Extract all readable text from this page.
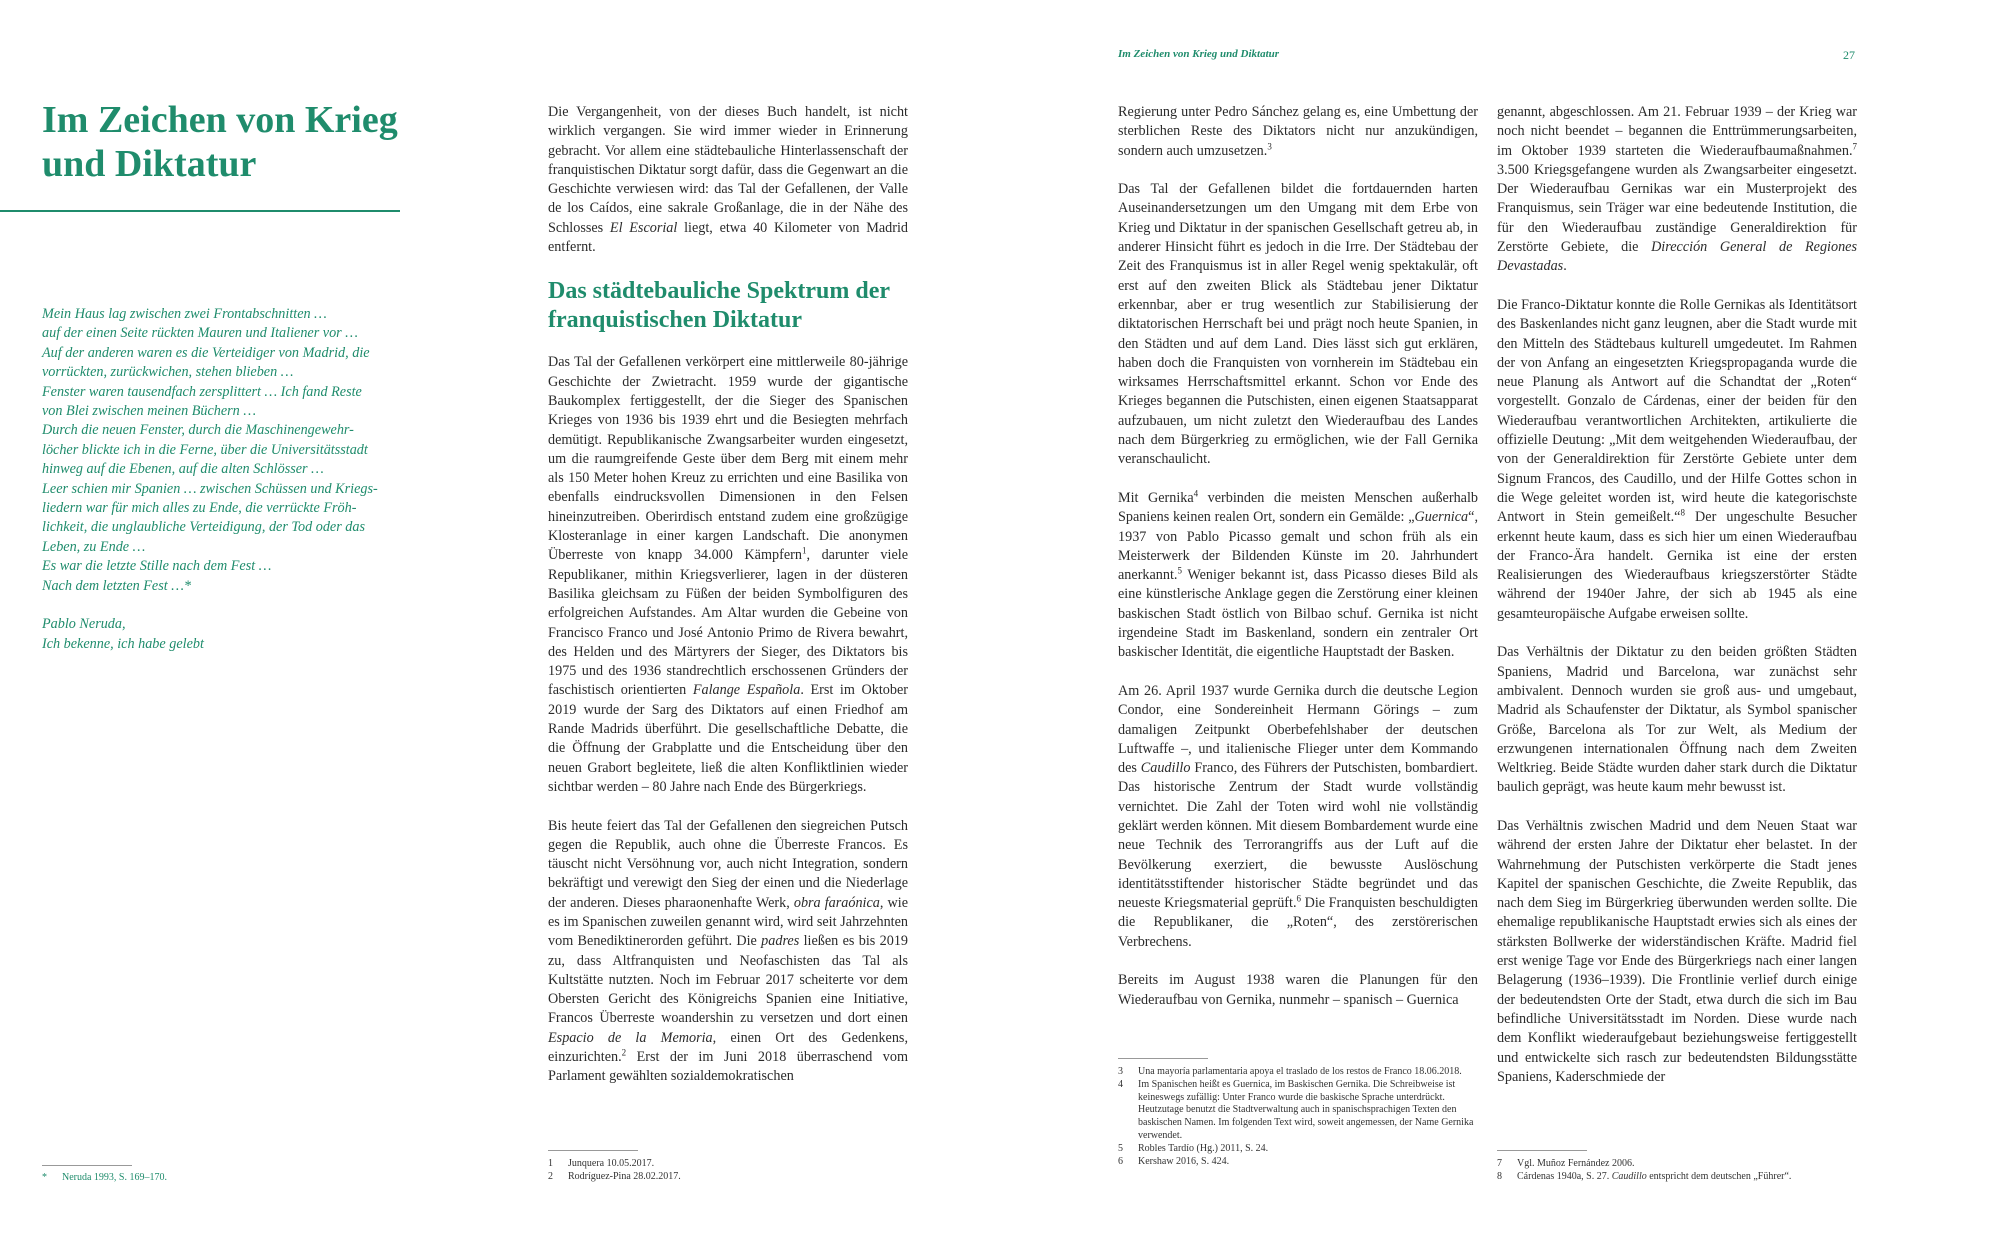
Im Zeichen von Krieg und Diktatur	27
Im Zeichen von Krieg und Diktatur
Mein Haus lag zwischen zwei Frontabschnitten …
auf der einen Seite rückten Mauren und Italiener vor …
Auf der anderen waren es die Verteidiger von Madrid, die
vorrückten, zurückwichen, stehen blieben …
Fenster waren tausendfach zersplittert … Ich fand Reste
von Blei zwischen meinen Büchern …
Durch die neuen Fenster, durch die Maschinengewehr-
löcher blickte ich in die Ferne, über die Universitätsstadt
hinweg auf die Ebenen, auf die alten Schlösser …
Leer schien mir Spanien … zwischen Schüssen und Kriegs-
liedern war für mich alles zu Ende, die verrückte Fröh-
lichkeit, die unglaubliche Verteidigung, der Tod oder das
Leben, zu Ende …
Es war die letzte Stille nach dem Fest …
Nach dem letzten Fest …*
Pablo Neruda,
Ich bekenne, ich habe gelebt

Die Vergangenheit, von der dieses Buch handelt, ist nicht wirklich vergangen. Sie wird immer wieder in Erinnerung gebracht. Vor allem eine städtebauliche Hinterlassenschaft der franquistischen Diktatur sorgt dafür, dass die Gegenwart an die Geschichte verwiesen wird: das Tal der Gefallenen, der Valle de los Caídos, eine sakrale Großanlage, die in der Nähe des Schlosses El Escorial liegt, etwa 40 Kilometer von Madrid entfernt.

Das städtebauliche Spektrum der franquistischen Diktatur

Das Tal der Gefallenen verkörpert eine mittlerweile 80-jährige Geschichte der Zwietracht. 1959 wurde der gigantische Baukomplex fertiggestellt, der die Sieger des Spanischen Krieges von 1936 bis 1939 ehrt und die Besiegten mehrfach demütigt. Republikanische Zwangsarbeiter wurden eingesetzt, um die raumgreifende Geste über dem Berg mit einem mehr als 150 Meter hohen Kreuz zu errichten und eine Basilika von ebenfalls eindrucksvollen Dimensionen in den Felsen hineinzutreiben. Oberirdisch entstand zudem eine großzügige Klosteranlage in einer kargen Landschaft. Die anonymen Überreste von knapp 34.000 Kämpfern$^1$, darunter viele Republikaner, mithin Kriegsverlierer, lagen in der düsteren Basilika gleichsam zu Füßen der beiden Symbolfiguren des erfolgreichen Aufstandes. Am Altar wurden die Gebeine von Francisco Franco und José Antonio Primo de Rivera bewahrt, des Helden und des Märtyrers der Sieger, des Diktators bis 1975 und des 1936 standrechtlich erschossenen Gründers der faschistisch orientierten Falange Española. Erst im Oktober 2019 wurde der Sarg des Diktators auf einen Friedhof am Rande Madrids überführt. Die gesellschaftliche Debatte, die die Öffnung der Grabplatte und die Entscheidung über den neuen Grabort begleitete, ließ die alten Konfliktlinien wieder sichtbar werden – 80 Jahre nach Ende des Bürgerkriegs.

Bis heute feiert das Tal der Gefallenen den siegreichen Putsch gegen die Republik, auch ohne die Überreste Francos. Es täuscht nicht Versöhnung vor, auch nicht Integration, sondern bekräftigt und verewigt den Sieg der einen und die Niederlage der anderen. Dieses pharaonenhafte Werk, obra faraónica, wie es im Spanischen zuweilen genannt wird, wird seit Jahrzehnten vom Benediktinerorden geführt. Die padres ließen es bis 2019 zu, dass Altfranquisten und Neofaschisten das Tal als Kultstätte nutzten. Noch im Februar 2017 scheiterte vor dem Obersten Gericht des Königreichs Spanien eine Initiative, Francos Überreste woandershin zu versetzen und dort einen Espacio de la Memoria, einen Ort des Gedenkens, einzurichten.$^2$ Erst der im Juni 2018 überraschend vom Parlament gewählten sozialdemokratischen

Regierung unter Pedro Sánchez gelang es, eine Umbettung der sterblichen Reste des Diktators nicht nur anzukündigen, sondern auch umzusetzen.$^3$

Das Tal der Gefallenen bildet die fortdauernden harten Auseinandersetzungen um den Umgang mit dem Erbe von Krieg und Diktatur in der spanischen Gesellschaft getreu ab, in anderer Hinsicht führt es jedoch in die Irre. Der Städtebau der Zeit des Franquismus ist in aller Regel wenig spektakulär, oft erst auf den zweiten Blick als Städtebau jener Diktatur erkennbar, aber er trug wesentlich zur Stabilisierung der diktatorischen Herrschaft bei und prägt noch heute Spanien, in den Städten und auf dem Land. Dies lässt sich gut erklären, haben doch die Franquisten von vornherein im Städtebau ein wirksames Herrschaftsmittel erkannt. Schon vor Ende des Krieges begannen die Putschisten, einen eigenen Staatsapparat aufzubauen, um nicht zuletzt den Wiederaufbau des Landes nach dem Bürgerkrieg zu ermöglichen, wie der Fall Gernika veranschaulicht.

Mit Gernika$^4$ verbinden die meisten Menschen außerhalb Spaniens keinen realen Ort, sondern ein Gemälde: „Guernica“, 1937 von Pablo Picasso gemalt und schon früh als ein Meisterwerk der Bildenden Künste im 20. Jahrhundert anerkannt.$^5$ Weniger bekannt ist, dass Picasso dieses Bild als eine künstlerische Anklage gegen die Zerstörung einer kleinen baskischen Stadt östlich von Bilbao schuf. Gernika ist nicht irgendeine Stadt im Baskenland, sondern ein zentraler Ort baskischer Identität, die eigentliche Hauptstadt der Basken.

Am 26. April 1937 wurde Gernika durch die deutsche Legion Condor, eine Sondereinheit Hermann Görings – zum damaligen Zeitpunkt Oberbefehlshaber der deutschen Luftwaffe –, und italienische Flieger unter dem Kommando des Caudillo Franco, des Führers der Putschisten, bombardiert. Das historische Zentrum der Stadt wurde vollständig vernichtet. Die Zahl der Toten wird wohl nie vollständig geklärt werden können. Mit diesem Bombardement wurde eine neue Technik des Terrorangriffs aus der Luft auf die Bevölkerung exerziert, die bewusste Auslöschung identitätsstiftender historischer Städte begründet und das neueste Kriegsmaterial geprüft.$^6$ Die Franquisten beschuldigten die Republikaner, die „Roten“, des zerstörerischen Verbrechens.

Bereits im August 1938 waren die Planungen für den Wiederaufbau von Gernika, nunmehr – spanisch – Guernica

genannt, abgeschlossen. Am 21. Februar 1939 – der Krieg war noch nicht beendet – begannen die Enttrümmerungsarbeiten, im Oktober 1939 starteten die Wiederaufbaumaßnahmen.$^7$ 3.500 Kriegsgefangene wurden als Zwangsarbeiter eingesetzt. Der Wiederaufbau Gernikas war ein Musterprojekt des Franquismus, sein Träger war eine bedeutende Institution, die für den Wiederaufbau zuständige Generaldirektion für Zerstörte Gebiete, die Dirección General de Regiones Devastadas.

Die Franco-Diktatur konnte die Rolle Gernikas als Identitätsort des Baskenlandes nicht ganz leugnen, aber die Stadt wurde mit den Mitteln des Städtebaus kulturell umgedeutet. Im Rahmen der von Anfang an eingesetzten Kriegspropaganda wurde die neue Planung als Antwort auf die Schandtat der „Roten“ vorgestellt. Gonzalo de Cárdenas, einer der beiden für den Wiederaufbau verantwortlichen Architekten, artikulierte die offizielle Deutung: „Mit dem weitgehenden Wiederaufbau, der von der Generaldirektion für Zerstörte Gebiete unter dem Signum Francos, des Caudillo, und der Hilfe Gottes schon in die Wege geleitet worden ist, wird heute die kategorischste Antwort in Stein gemeißelt.“$^8$ Der ungeschulte Besucher erkennt heute kaum, dass es sich hier um einen Wiederaufbau der Franco-Ära handelt. Gernika ist eine der ersten Realisierungen des Wiederaufbaus kriegszerstörter Städte während der 1940er Jahre, der sich ab 1945 als eine gesamteuropäische Aufgabe erweisen sollte.

Das Verhältnis der Diktatur zu den beiden größten Städten Spaniens, Madrid und Barcelona, war zunächst sehr ambivalent. Dennoch wurden sie groß aus- und umgebaut, Madrid als Schaufenster der Diktatur, als Symbol spanischer Größe, Barcelona als Tor zur Welt, als Medium der erzwungenen internationalen Öffnung nach dem Zweiten Weltkrieg. Beide Städte wurden daher stark durch die Diktatur baulich geprägt, was heute kaum mehr bewusst ist.

Das Verhältnis zwischen Madrid und dem Neuen Staat war während der ersten Jahre der Diktatur eher belastet. In der Wahrnehmung der Putschisten verkörperte die Stadt jenes Kapitel der spanischen Geschichte, die Zweite Republik, das nach dem Sieg im Bürgerkrieg überwunden werden sollte. Die ehemalige republikanische Hauptstadt erwies sich als eines der stärksten Bollwerke der widerständischen Kräfte. Madrid fiel erst wenige Tage vor Ende des Bürgerkriegs nach einer langen Belagerung (1936–1939). Die Frontlinie verlief durch einige der bedeutendsten Orte der Stadt, etwa durch die sich im Bau befindliche Universitätsstadt im Norden. Diese wurde nach dem Konflikt wiederaufgebaut beziehungsweise fertiggestellt und entwickelte sich rasch zur bedeutendsten Bildungsstätte Spaniens, Kaderschmiede der

*	Neruda 1993, S. 169–170.
1	Junquera 10.05.2017.
2	Rodríguez-Pina 28.02.2017.
3	Una mayoría parlamentaria apoya el traslado de los restos de Franco 18.06.2018.
4	Im Spanischen heißt es Guernica, im Baskischen Gernika. Die Schreibweise ist keineswegs zufällig: Unter Franco wurde die baskische Sprache unterdrückt. Heutzutage benutzt die Stadtverwaltung auch in spanischsprachigen Texten den baskischen Namen. Im folgenden Text wird, soweit angemessen, der Name Gernika verwendet.
5	Robles Tardío (Hg.) 2011, S. 24.
6	Kershaw 2016, S. 424.	7	Vgl. Muñoz Fernández 2006.
8	Cárdenas 1940a, S. 27. Caudillo entspricht dem deutschen „Führer“.
